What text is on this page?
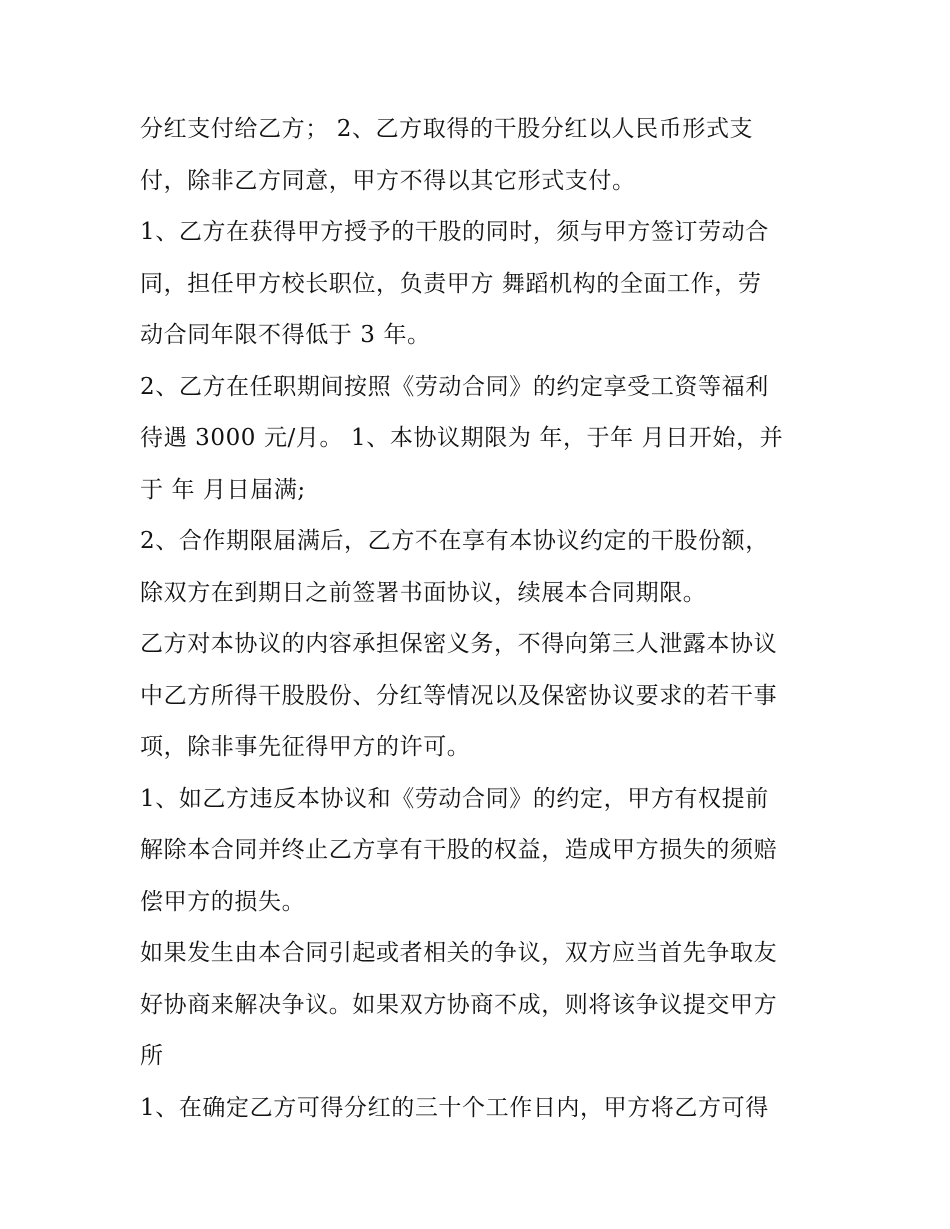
分红支付给乙方； 2、乙方取得的干股分红以人民币形式支
付，除非乙方同意，甲方不得以其它形式支付。

1、乙方在获得甲方授予的干股的同时，须与甲方签订劳动合
同，担任甲方校长职位，负责甲方 舞蹈机构的全面工作，劳
动合同年限不得低于 3 年。

2、乙方在任职期间按照《劳动合同》的约定享受工资等福利
待遇 3000 元/月。 1、本协议期限为 年，于年 月日开始，并
于 年 月日届满;

2、合作期限届满后，乙方不在享有本协议约定的干股份额，
除双方在到期日之前签署书面协议，续展本合同期限。

乙方对本协议的内容承担保密义务，不得向第三人泄露本协议
中乙方所得干股股份、分红等情况以及保密协议要求的若干事
项，除非事先征得甲方的许可。

1、如乙方违反本协议和《劳动合同》的约定，甲方有权提前
解除本合同并终止乙方享有干股的权益，造成甲方损失的须赔
偿甲方的损失。

如果发生由本合同引起或者相关的争议，双方应当首先争取友
好协商来解决争议。如果双方协商不成，则将该争议提交甲方
所

1、在确定乙方可得分红的三十个工作日内，甲方将乙方可得
